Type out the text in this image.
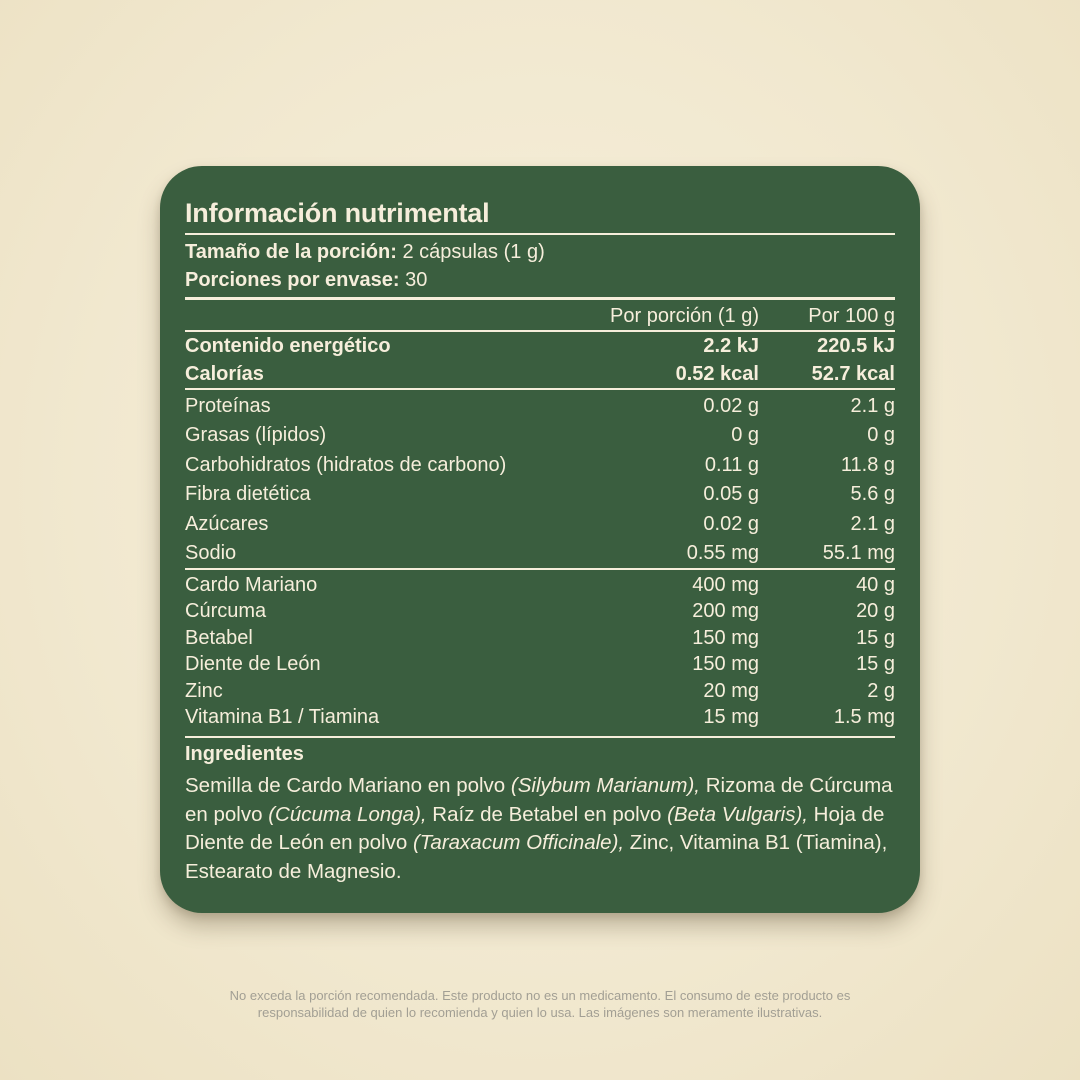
Información nutrimental
Tamaño de la porción: 2 cápsulas (1 g)
Porciones por envase: 30
Por porción (1 g) Por 100 g
Contenido energético	2.2 kJ	220.5 kJ
Calorías	0.52 kcal	52.7 kcal
Proteínas	0.02 g	2.1 g
Grasas (lípidos)	0 g	0 g
Carbohidratos (hidratos de carbono)	0.11 g	11.8 g
Fibra dietética	0.05 g	5.6 g
Azúcares	0.02 g	2.1 g
Sodio	0.55 mg	55.1 mg
Cardo Mariano	400 mg	40 g
Cúrcuma	200 mg	20 g
Betabel	150 mg	15 g
Diente de León	150 mg	15 g
Zinc	20 mg	2 g
Vitamina B1 / Tiamina	15 mg	1.5 mg
Ingredientes
Semilla de Cardo Mariano en polvo (Silybum Marianum), Rizoma de Cúrcuma en polvo (Cúcuma Longa), Raíz de Betabel en polvo (Beta Vulgaris), Hoja de Diente de León en polvo (Taraxacum Officinale), Zinc, Vitamina B1 (Tiamina), Estearato de Magnesio.
No exceda la porción recomendada. Este producto no es un medicamento. El consumo de este producto es
responsabilidad de quien lo recomienda y quien lo usa. Las imágenes son meramente ilustrativas.
